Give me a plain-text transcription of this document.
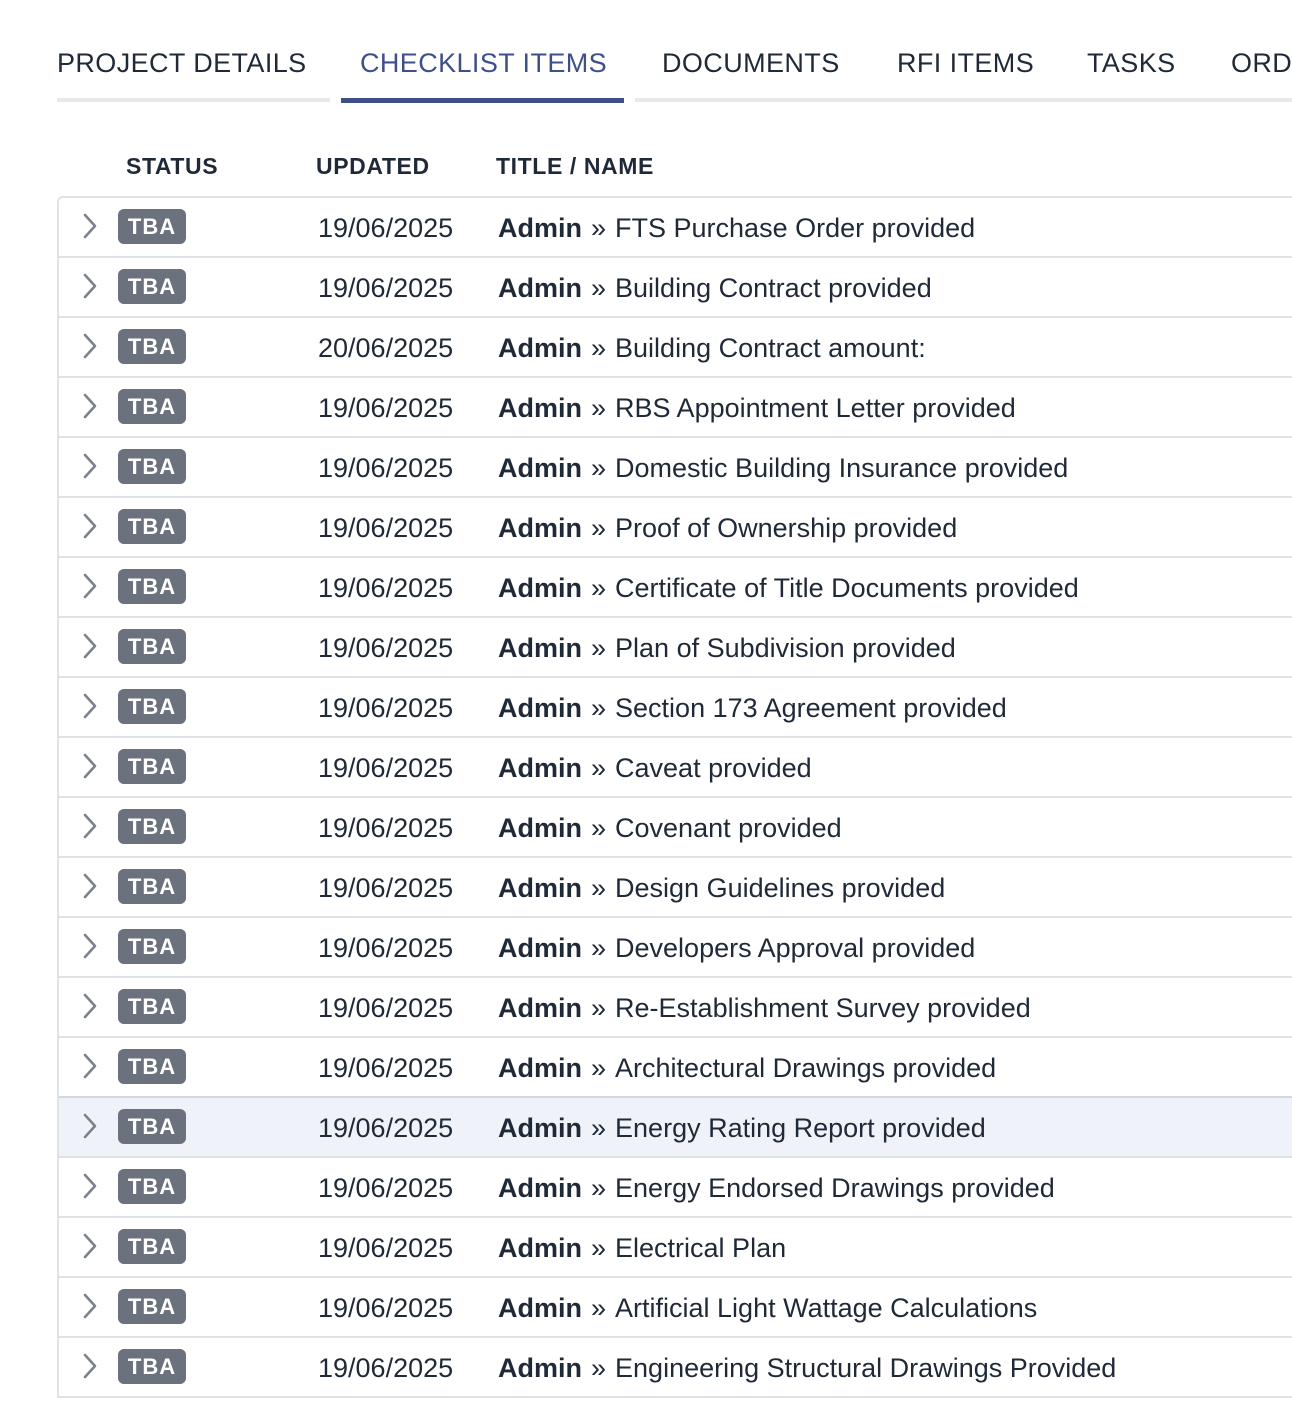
PROJECT DETAILS CHECKLIST ITEMS DOCUMENTS RFI ITEMS TASKS ORD
STATUS	UPDATED	TITLE / NAME
TBA	19/06/2025 Admin » FTS Purchase Order provided
TBA	19/06/2025 Admin » Building Contract provided
TBA	20/06/2025 Admin » Building Contract amount:
TBA	19/06/2025 Admin » RBS Appointment Letter provided
TBA	19/06/2025 Admin » Domestic Building Insurance provided
TBA	19/06/2025 Admin » Proof of Ownership provided
TBA	19/06/2025 Admin » Certificate of Title Documents provided
TBA	19/06/2025 Admin » Plan of Subdivision provided
TBA	19/06/2025 Admin » Section 173 Agreement provided
TBA	19/06/2025 Admin » Caveat provided
TBA	19/06/2025 Admin » Covenant provided
TBA	19/06/2025 Admin » Design Guidelines provided
TBA	19/06/2025 Admin » Developers Approval provided
TBA	19/06/2025 Admin » Re-Establishment Survey provided
TBA	19/06/2025 Admin » Architectural Drawings provided
TBA	19/06/2025 Admin » Energy Rating Report provided
TBA	19/06/2025 Admin » Energy Endorsed Drawings provided
TBA	19/06/2025 Admin » Electrical Plan
TBA	19/06/2025 Admin » Artificial Light Wattage Calculations
TBA	19/06/2025 Admin » Engineering Structural Drawings Provided
